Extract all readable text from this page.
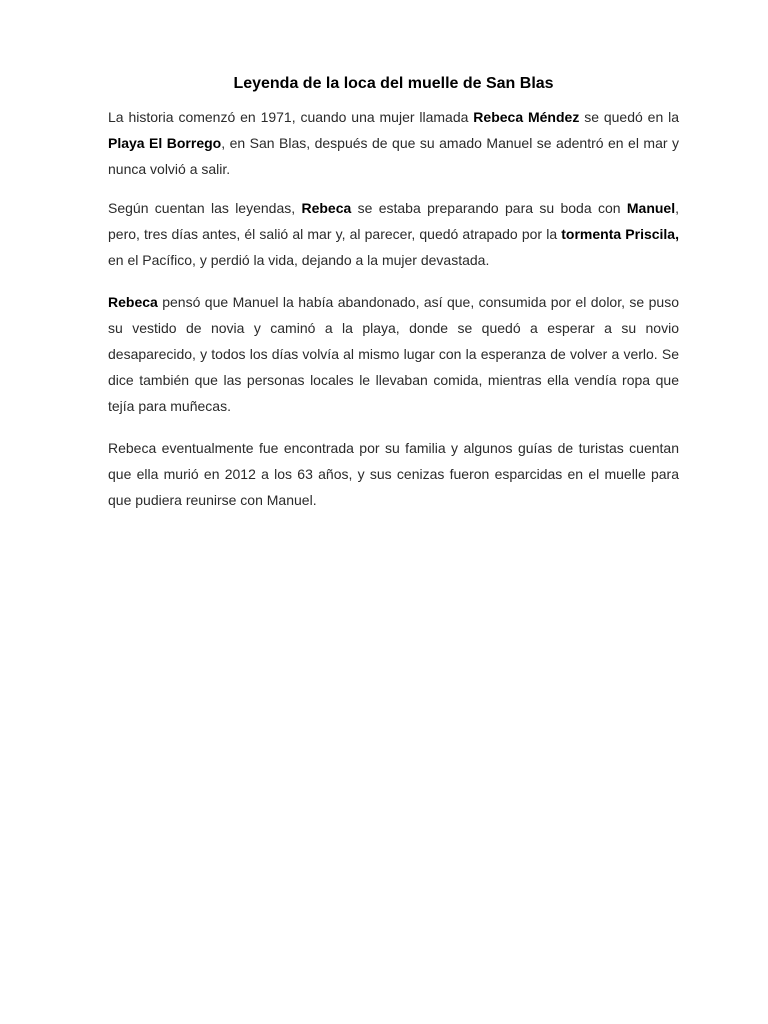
Leyenda de la loca del muelle de San Blas

La historia comenzó en 1971, cuando una mujer llamada Rebeca Méndez se quedó en la Playa El Borrego, en San Blas, después de que su amado Manuel se adentró en el mar y nunca volvió a salir.

Según cuentan las leyendas, Rebeca se estaba preparando para su boda con Manuel, pero, tres días antes, él salió al mar y, al parecer, quedó atrapado por la tormenta Priscila, en el Pacífico, y perdió la vida, dejando a la mujer devastada.

Rebeca pensó que Manuel la había abandonado, así que, consumida por el dolor, se puso su vestido de novia y caminó a la playa, donde se quedó a esperar a su novio desaparecido, y todos los días volvía al mismo lugar con la esperanza de volver a verlo. Se dice también que las personas locales le llevaban comida, mientras ella vendía ropa que tejía para muñecas.

Rebeca eventualmente fue encontrada por su familia y algunos guías de turistas cuentan que ella murió en 2012 a los 63 años, y sus cenizas fueron esparcidas en el muelle para que pudiera reunirse con Manuel.
